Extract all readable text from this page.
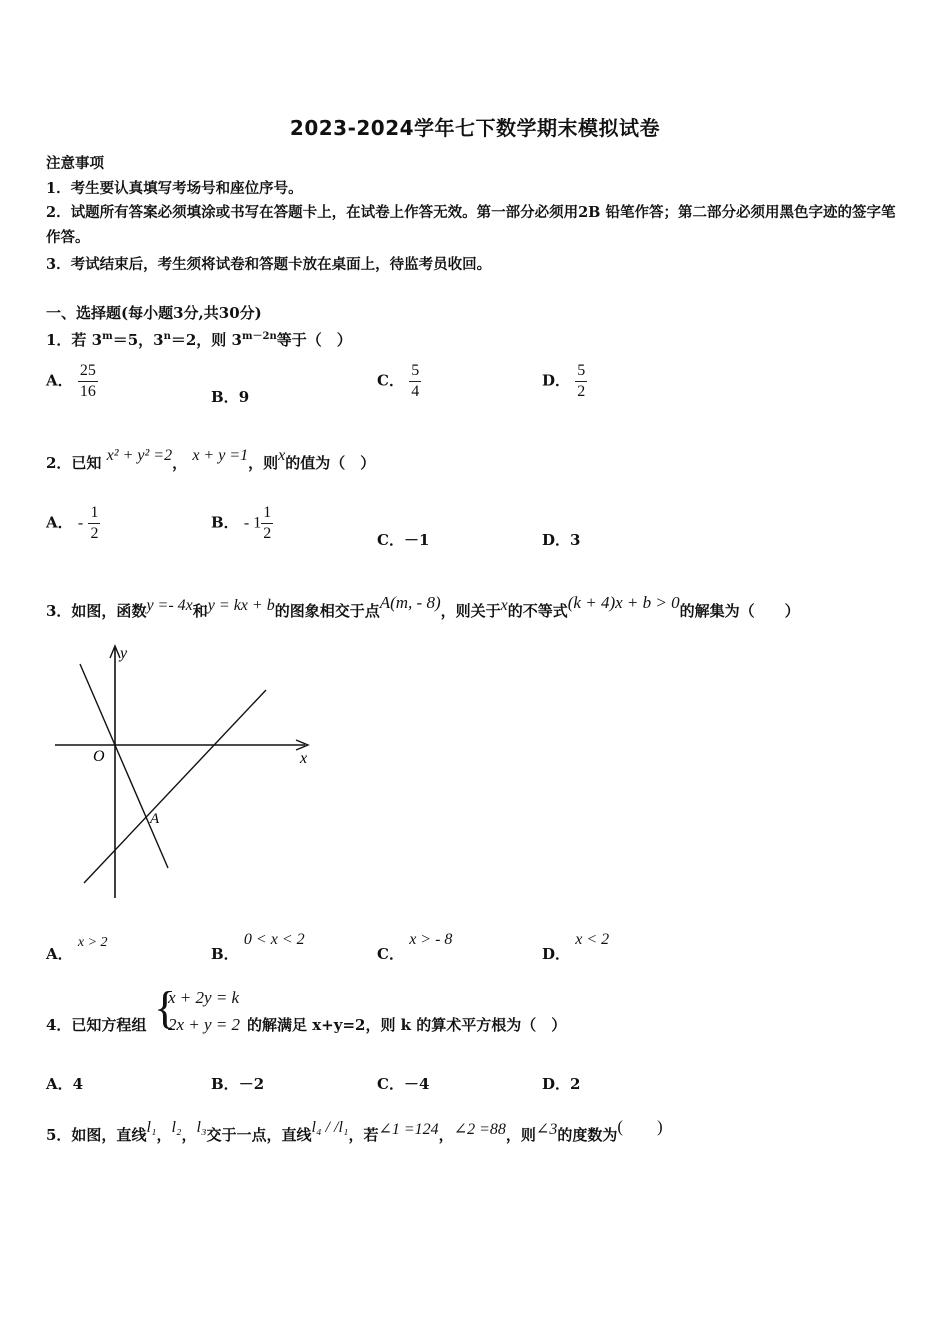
2023-2024学年七下数学期末模拟试卷
注意事项
1．考生要认真填写考场号和座位序号。
2．试题所有答案必须填涂或书写在答题卡上，在试卷上作答无效。第一部分必须用2B 铅笔作答；第二部分必须用黑色字迹的签字笔作答。
3．考试结束后，考生须将试卷和答题卡放在桌面上，待监考员收回。
一、选择题(每小题3分,共30分)
1．若 $3^m=5$，$3^n=2$，则 $3^{m-2n}$等于（　）
A． $\frac{25}{16}$	B．9
C． $\frac{5}{4}$	D． $\frac{5}{2}$
2．已知 x² + y² =2， x + y =1，则x的值为（　）
A． - $\frac{1}{2}$	B． - $1 \frac{1}{2}$	C．－1	D．3
3．如图，函数y =- 4x和y = kx + b的图象相交于点A(m, - 8)，则关于x的不等式(k + 4)x + b > 0的解集为（　　）
y
x
O
A
A． x > 2
B． 0 < x < 2
C． x > - 8
D． x < 2
4．已知方程组 {
x + 2y = k
2x + y = 2 的解满足 x+y=2，则 k 的算术平方根为（　）
A．4	B．－2	C．－4	D．2
5．如图，直线l₁，l₂，l₃交于一点，直线l₄ / /l₁，若∠1 =124，∠2 =88，则∠3的度数为(　　)
